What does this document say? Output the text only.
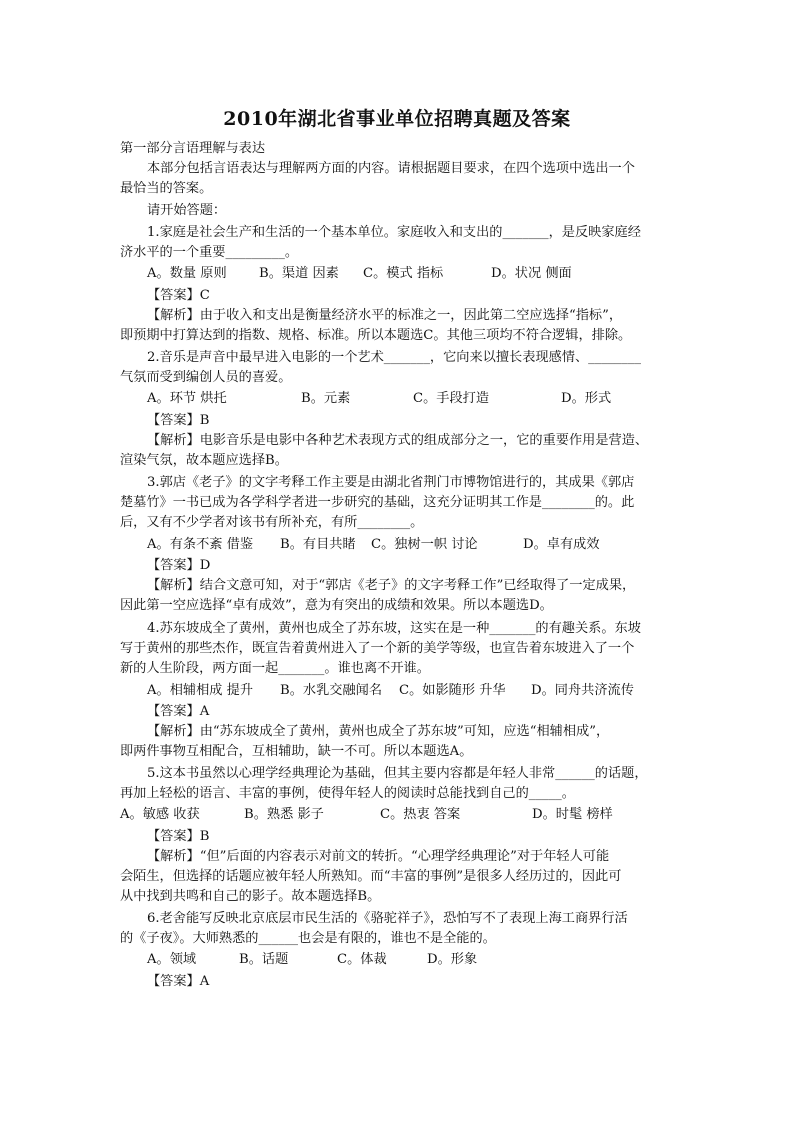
2010年湖北省事业单位招聘真题及答案
第一部分言语理解与表达
本部分包括言语表达与理解两方面的内容。请根据题目要求，在四个选项中选出一个
最恰当的答案。
请开始答题：
1.家庭是社会生产和生活的一个基本单位。家庭收入和支出的_______，是反映家庭经
济水平的一个重要_________。
A。数量 原则 B。渠道 因素 C。模式 指标	D。状况 侧面
【答案】C
【解析】由于收入和支出是衡量经济水平的标准之一，因此第二空应选择“指标”，
即预期中打算达到的指数、规格、标准。所以本题选C。其他三项均不符合逻辑，排除。
2.音乐是声音中最早进入电影的一个艺术_______，它向来以擅长表现感情、________
气氛而受到编创人员的喜爱。
A。环节 烘托	B。元素	C。手段打造	D。形式
【答案】B
【解析】电影音乐是电影中各种艺术表现方式的组成部分之一，它的重要作用是营造、
渲染气氛，故本题应选择B。
3.郭店《老子》的文字考释工作主要是由湖北省荆门市博物馆进行的，其成果《郭店
楚墓竹》一书已成为各学科学者进一步研究的基础，这充分证明其工作是________的。此
后，又有不少学者对该书有所补充，有所________。
A。有条不紊 借鉴 B。有目共睹 C。独树一帜 讨论	D。卓有成效
【答案】D
【解析】结合文意可知，对于“郭店《老子》的文字考释工作”已经取得了一定成果，
因此第一空应选择“卓有成效”，意为有突出的成绩和效果。所以本题选D。
4.苏东坡成全了黄州，黄州也成全了苏东坡，这实在是一种_______的有趣关系。东坡
写于黄州的那些杰作，既宣告着黄州进入了一个新的美学等级，也宣告着东坡进入了一个
新的人生阶段，两方面一起_______。谁也离不开谁。
A。相辅相成 提升 B。水乳交融闻名 C。如影随形 升华 D。同舟共济流传
【答案】A
【解析】由“苏东坡成全了黄州，黄州也成全了苏东坡”可知，应选“相辅相成”，
即两件事物互相配合，互相辅助，缺一不可。所以本题选A。
5.这本书虽然以心理学经典理论为基础，但其主要内容都是年轻人非常______的话题，
再加上轻松的语言、丰富的事例，使得年轻人的阅读时总能找到自己的_____。
A。敏感 收获	B。熟悉 影子	C。热衷 答案	D。时髦 榜样
【答案】B
【解析】“但”后面的内容表示对前文的转折。“心理学经典理论”对于年轻人可能
会陌生，但选择的话题应被年轻人所熟知。而“丰富的事例”是很多人经历过的，因此可
从中找到共鸣和自己的影子。故本题选择B。
6.老舍能写反映北京底层市民生活的《骆驼祥子》，恐怕写不了表现上海工商界行活
的《子夜》。大师熟悉的______也会是有限的，谁也不是全能的。
A。领域	B。话题	C。体裁	D。形象
【答案】A
